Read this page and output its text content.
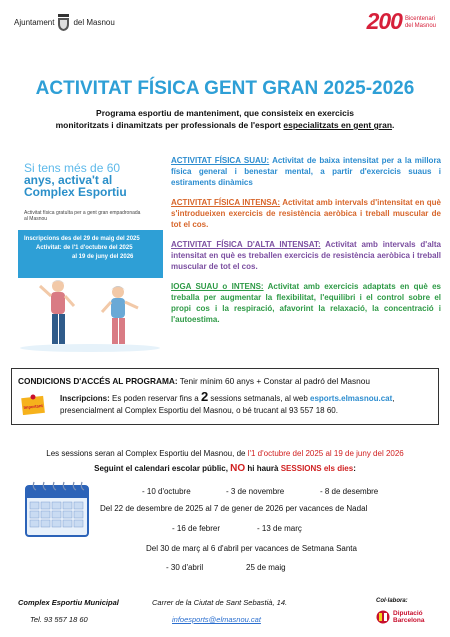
Ajuntament del Masnou	200 Bicentenari
del Masnou
ACTIVITAT FÍSICA GENT GRAN 2025-2026
Programa esportiu de manteniment, que consisteix en exercicis
monitoritzats i dinamitzats per professionals de l'esport especialitzats en gent gran.
Si tens més de 60
anys, activa't al
Complex Esportiu
Activitat física gratuïta per a gent gran empadronada al Masnou
Inscripcions des del 29 de maig del 2025
Activitat: de l'1 d'octubre del 2025
al 19 de juny del 2026
ACTIVITAT FÍSICA SUAU: Activitat de baixa intensitat per a la millora física general i benestar mental, a partir d'exercicis suaus i estiraments dinàmics
ACTIVITAT FÍSICA INTENSA: Activitat amb intervals d'intensitat en què s'introdueixen exercicis de resistència aeròbica i treball muscular de tot el cos.
ACTIVITAT FÍSICA D'ALTA INTENSAT: Activitat amb intervals d'alta intensitat en què es treballen exercicis de resistència aeròbica i treball muscular de tot el cos.
IOGA SUAU o INTENS: Activitat amb exercicis adaptats en què es treballa per augmentar la flexibilitat, l'equilibri i el control sobre el propi cos i la respiració, afavorint la relaxació, la concentració i l'autoestima.
CONDICIONS D'ACCÉS AL PROGRAMA: Tenir mínim 60 anys + Constar al padró del Masnou
Important
Inscripcions: Es poden reservar fins a 2 sessions setmanals, al web esports.elmasnou.cat,
presencialment al Complex Esportiu del Masnou, o bé trucant al 93 557 18 60.
Les sessions seran al Complex Esportiu del Masnou, de l'1 d'octubre del 2025 al 19 de juny del 2026
Seguint el calendari escolar públic, NO hi haurà SESSIONS els dies:
- 10 d'octubre	- 3 de novembre	- 8 de desembre
Del 22 de desembre de 2025 al 7 de gener de 2026 per vacances de Nadal
- 16 de febrer	- 13 de març
Del 30 de març al 6 d'abril per vacances de Setmana Santa
- 30 d'abril	25 de maig
Complex Esportiu Municipal	Carrer de la Ciutat de Sant Sebastià, 14.
Tel. 93 557 18 60	infoesports@elmasnou.cat
Col·labora:
Diputació
Barcelona
